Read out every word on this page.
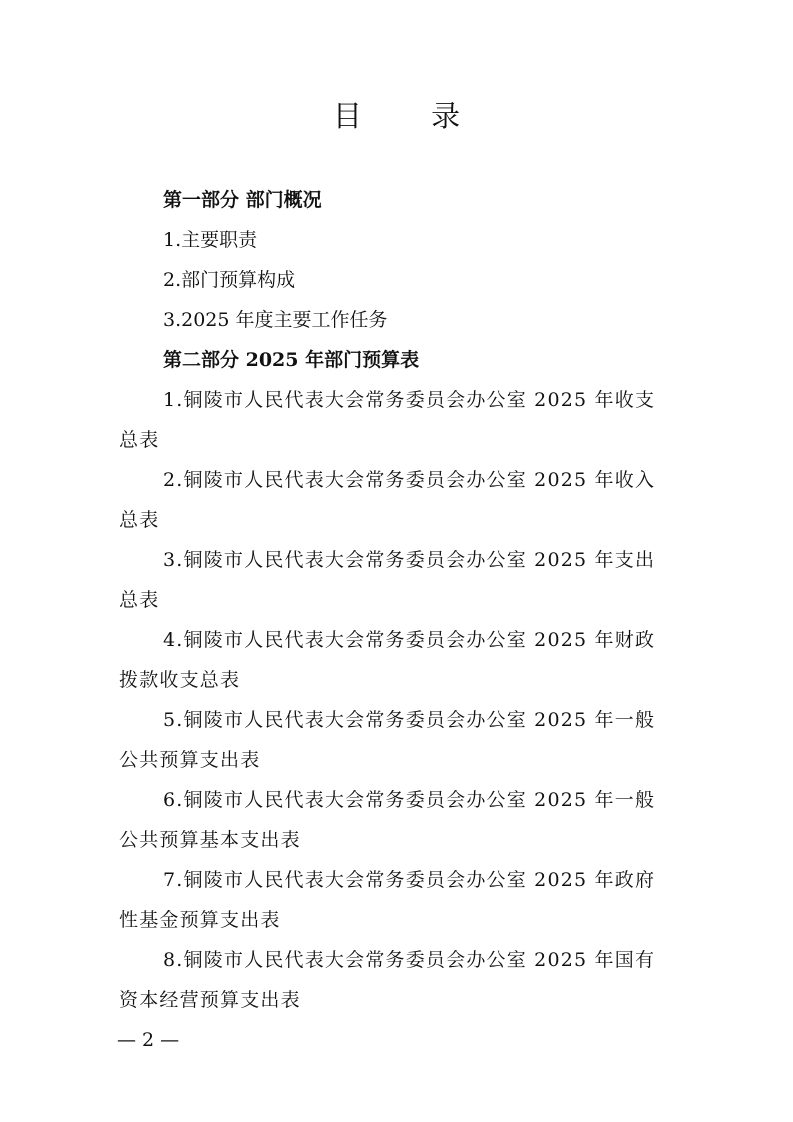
目 录
第一部分 部门概况
1.主要职责
2.部门预算构成
3.2025 年度主要工作任务
第二部分 2025 年部门预算表
1.铜陵市人民代表大会常务委员会办公室 2025 年收支
总表
2.铜陵市人民代表大会常务委员会办公室 2025 年收入
总表
3.铜陵市人民代表大会常务委员会办公室 2025 年支出
总表
4.铜陵市人民代表大会常务委员会办公室 2025 年财政
拨款收支总表
5.铜陵市人民代表大会常务委员会办公室 2025 年一般
公共预算支出表
6.铜陵市人民代表大会常务委员会办公室 2025 年一般
公共预算基本支出表
7.铜陵市人民代表大会常务委员会办公室 2025 年政府
性基金预算支出表
8.铜陵市人民代表大会常务委员会办公室 2025 年国有
资本经营预算支出表
— 2 —
